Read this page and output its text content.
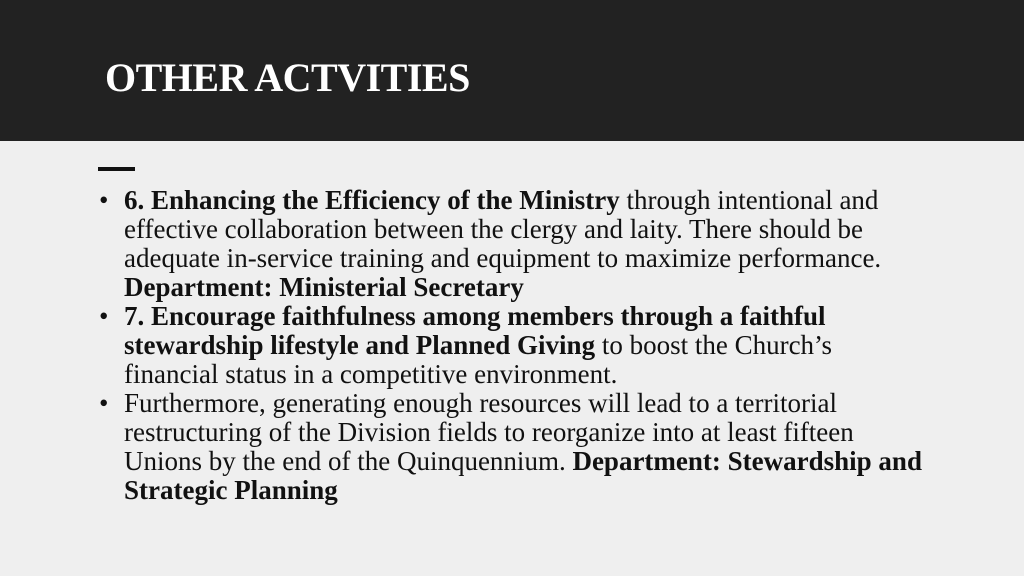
OTHER ACTVITIES
• 6. Enhancing the Efficiency of the Ministry through intentional and effective collaboration between the clergy and laity. There should be adequate in-service training and equipment to maximize performance. Department: Ministerial Secretary
• 7. Encourage faithfulness among members through a faithful stewardship lifestyle and Planned Giving to boost the Church’s financial status in a competitive environment.
• Furthermore, generating enough resources will lead to a territorial restructuring of the Division fields to reorganize into at least fifteen Unions by the end of the Quinquennium. Department: Stewardship and Strategic Planning
